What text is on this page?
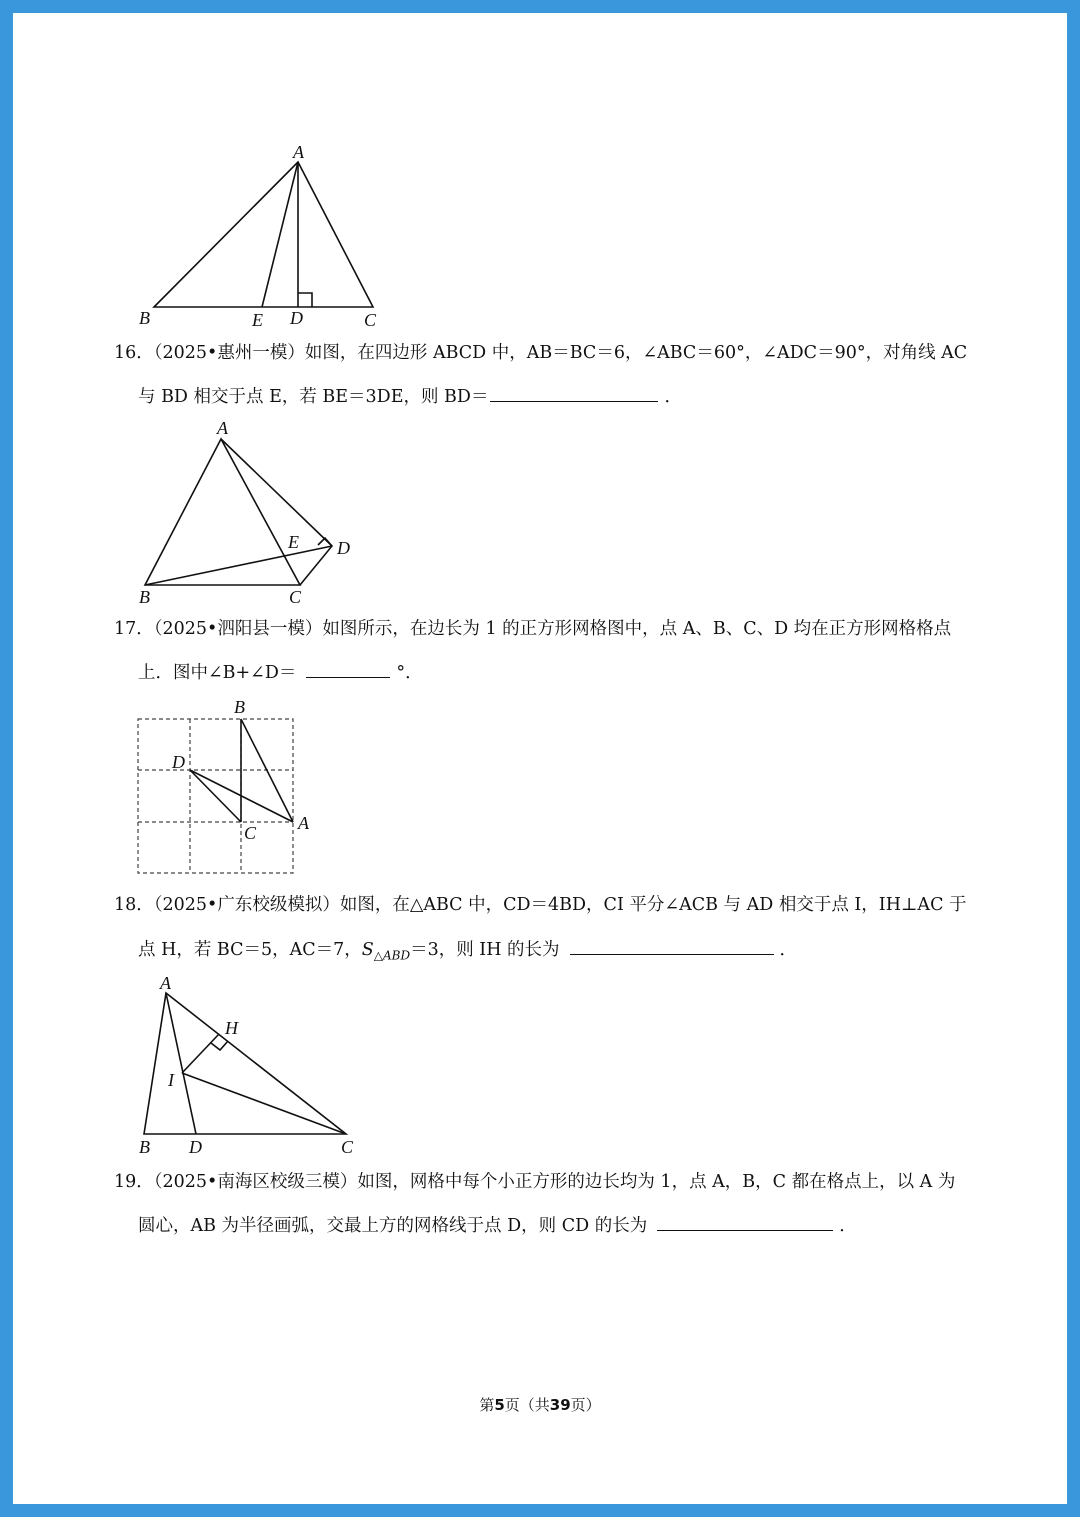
A
B	E D	C
16．（2025•惠州一模）如图，在四边形 ABCD 中，AB＝BC＝6，∠ABC＝60°，∠ADC＝90°，对角线 AC
与 BD 相交于点 E，若 BE＝3DE，则 BD＝	．
A
E D
B	C
17．（2025•泗阳县一模）如图所示，在边长为 1 的正方形网格图中，点 A、B、C、D 均在正方形网格格点
上．图中∠B+∠D＝	°．
B
D
C A
18．（2025•广东校级模拟）如图，在△ABC 中，CD＝4BD，CI 平分∠ACB 与 AD 相交于点 I，IH⊥AC 于
点 H，若 BC＝5，AC＝7，$S_{\triangle ABD}=3$，则 IH 的长为	．
A
H
I
B D	C
19．（2025•南海区校级三模）如图，网格中每个小正方形的边长均为 1，点 A，B，C 都在格点上，以 A 为
圆心，AB 为半径画弧，交最上方的网格线于点 D，则 CD 的长为	．
第5页（共39页）
